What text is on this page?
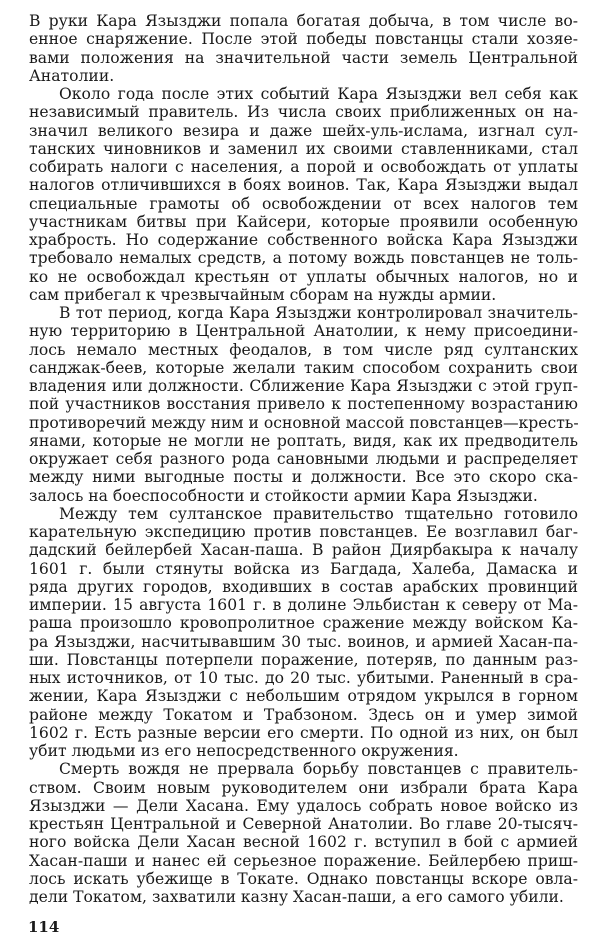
В руки Кара Язызджи попала богатая добыча, в том числе во-
енное снаряжение. После этой победы повстанцы стали хозяе-
вами положения на значительной части земель Центральной
Анатолии.
Около года после этих событий Кара Язызджи вел себя как
независимый правитель. Из числа своих приближенных он на-
значил великого везира и даже шейх-уль-ислама, изгнал сул-
танских чиновников и заменил их своими ставленниками, стал
собирать налоги с населения, а порой и освобождать от уплаты
налогов отличившихся в боях воинов. Так, Кара Язызджи выдал
специальные грамоты об освобождении от всех налогов тем
участникам битвы при Кайсери, которые проявили особенную
храбрость. Но содержание собственного войска Кара Язызджи
требовало немалых средств, а потому вождь повстанцев не толь-
ко не освобождал крестьян от уплаты обычных налогов, но и
сам прибегал к чрезвычайным сборам на нужды армии.
В тот период, когда Кара Язызджи контролировал значитель-
ную территорию в Центральной Анатолии, к нему присоедини-
лось немало местных феодалов, в том числе ряд султанских
санджак-беев, которые желали таким способом сохранить свои
владения или должности. Сближение Кара Язызджи с этой груп-
пой участников восстания привело к постепенному возрастанию
противоречий между ним и основной массой повстанцев—кресть-
янами, которые не могли не роптать, видя, как их предводитель
окружает себя разного рода сановными людьми и распределяет
между ними выгодные посты и должности. Все это скоро ска-
залось на боеспособности и стойкости армии Кара Язызджи.
Между тем султанское правительство тщательно готовило
карательную экспедицию против повстанцев. Ее возглавил баг-
дадский бейлербей Хасан-паша. В район Диярбакыра к началу
1601 г. были стянуты войска из Багдада, Халеба, Дамаска и
ряда других городов, входивших в состав арабских провинций
империи. 15 августа 1601 г. в долине Эльбистан к северу от Ма-
раша произошло кровопролитное сражение между войском Ка-
ра Язызджи, насчитывавшим 30 тыс. воинов, и армией Хасан-па-
ши. Повстанцы потерпели поражение, потеряв, по данным раз-
ных источников, от 10 тыс. до 20 тыс. убитыми. Раненный в сра-
жении, Кара Язызджи с небольшим отрядом укрылся в горном
районе между Токатом и Трабзоном. Здесь он и умер зимой
1602 г. Есть разные версии его смерти. По одной из них, он был
убит людьми из его непосредственного окружения.
Смерть вождя не прервала борьбу повстанцев с правитель-
ством. Своим новым руководителем они избрали брата Кара
Язызджи — Дели Хасана. Ему удалось собрать новое войско из
крестьян Центральной и Северной Анатолии. Во главе 20-тысяч-
ного войска Дели Хасан весной 1602 г. вступил в бой с армией
Хасан-паши и нанес ей серьезное поражение. Бейлербею приш-
лось искать убежище в Токате. Однако повстанцы вскоре овла-
дели Токатом, захватили казну Хасан-паши, а его самого убили.
114
